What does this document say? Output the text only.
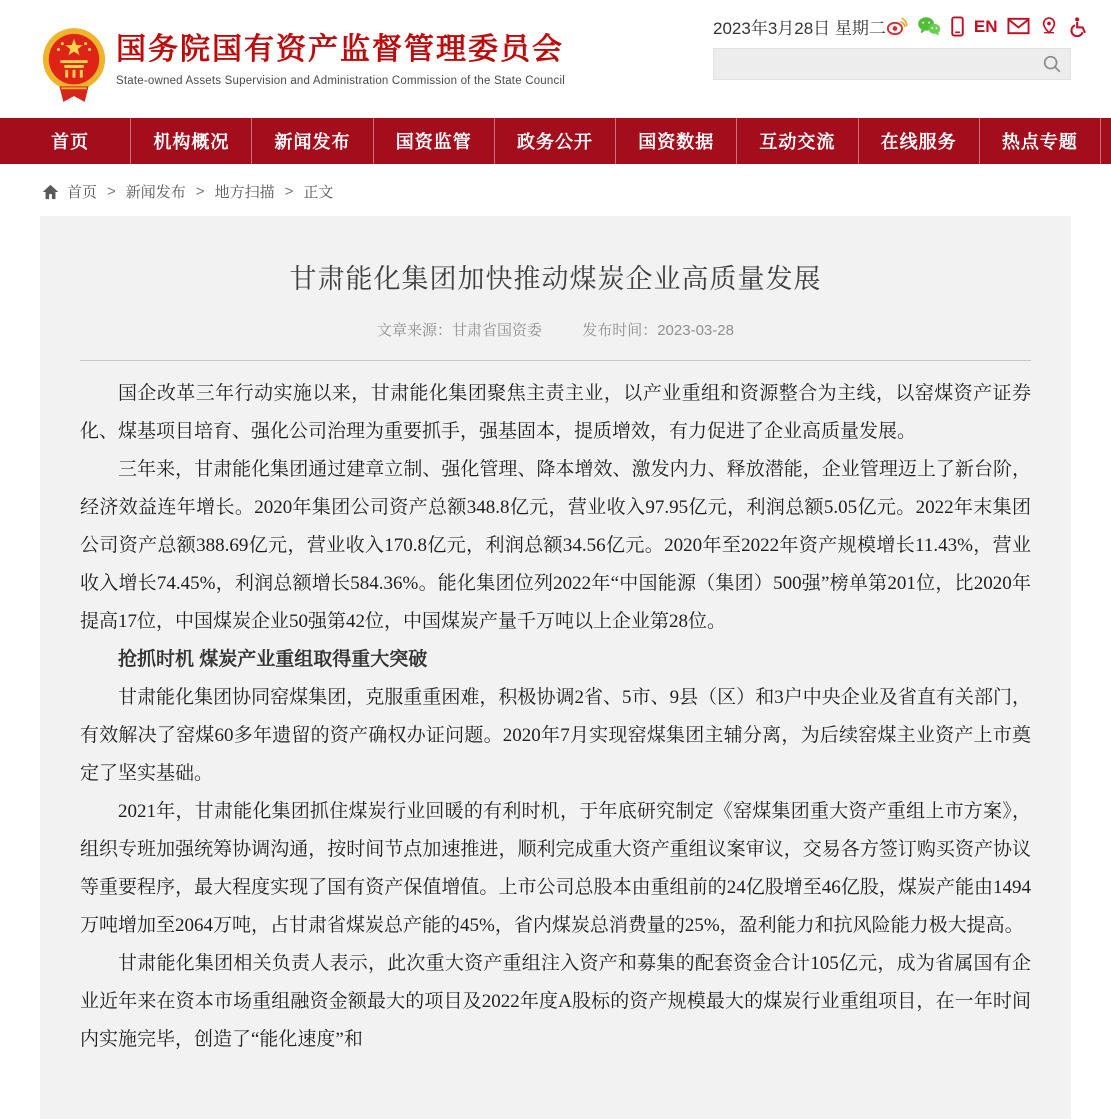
国务院国有资产监督管理委员会
State-owned Assets Supervision and Administration Commission of the State Council
2023年3月28日 星期二	EN
首页	机构概况	新闻发布	国资监管	政务公开	国资数据	互动交流	在线服务	热点专题
首页 > 新闻发布 > 地方扫描 > 正文
甘肃能化集团加快推动煤炭企业高质量发展
文章来源：甘肃省国资委	发布时间：2023-03-28
国企改革三年行动实施以来，甘肃能化集团聚焦主责主业，以产业重组和资源整合为主线，以窑煤资产证券化、煤基项目培育、强化公司治理为重要抓手，强基固本，提质增效，有力促进了企业高质量发展。
三年来，甘肃能化集团通过建章立制、强化管理、降本增效、激发内力、释放潜能，企业管理迈上了新台阶，经济效益连年增长。2020年集团公司资产总额348.8亿元，营业收入97.95亿元，利润总额5.05亿元。2022年末集团公司资产总额388.69亿元，营业收入170.8亿元，利润总额34.56亿元。2020年至2022年资产规模增长11.43%，营业收入增长74.45%，利润总额增长584.36%。能化集团位列2022年“中国能源（集团）500强”榜单第201位，比2020年提高17位，中国煤炭企业50强第42位，中国煤炭产量千万吨以上企业第28位。
抢抓时机 煤炭产业重组取得重大突破
甘肃能化集团协同窑煤集团，克服重重困难，积极协调2省、5市、9县（区）和3户中央企业及省直有关部门，有效解决了窑煤60多年遗留的资产确权办证问题。2020年7月实现窑煤集团主辅分离，为后续窑煤主业资产上市奠定了坚实基础。
2021年，甘肃能化集团抓住煤炭行业回暖的有利时机，于年底研究制定《窑煤集团重大资产重组上市方案》，组织专班加强统筹协调沟通，按时间节点加速推进，顺利完成重大资产重组议案审议，交易各方签订购买资产协议等重要程序，最大程度实现了国有资产保值增值。上市公司总股本由重组前的24亿股增至46亿股，煤炭产能由1494万吨增加至2064万吨，占甘肃省煤炭总产能的45%，省内煤炭总消费量的25%，盈利能力和抗风险能力极大提高。
甘肃能化集团相关负责人表示，此次重大资产重组注入资产和募集的配套资金合计105亿元，成为省属国有企业近年来在资本市场重组融资金额最大的项目及2022年度A股标的资产规模最大的煤炭行业重组项目，在一年时间内实施完毕，创造了“能化速度”和
